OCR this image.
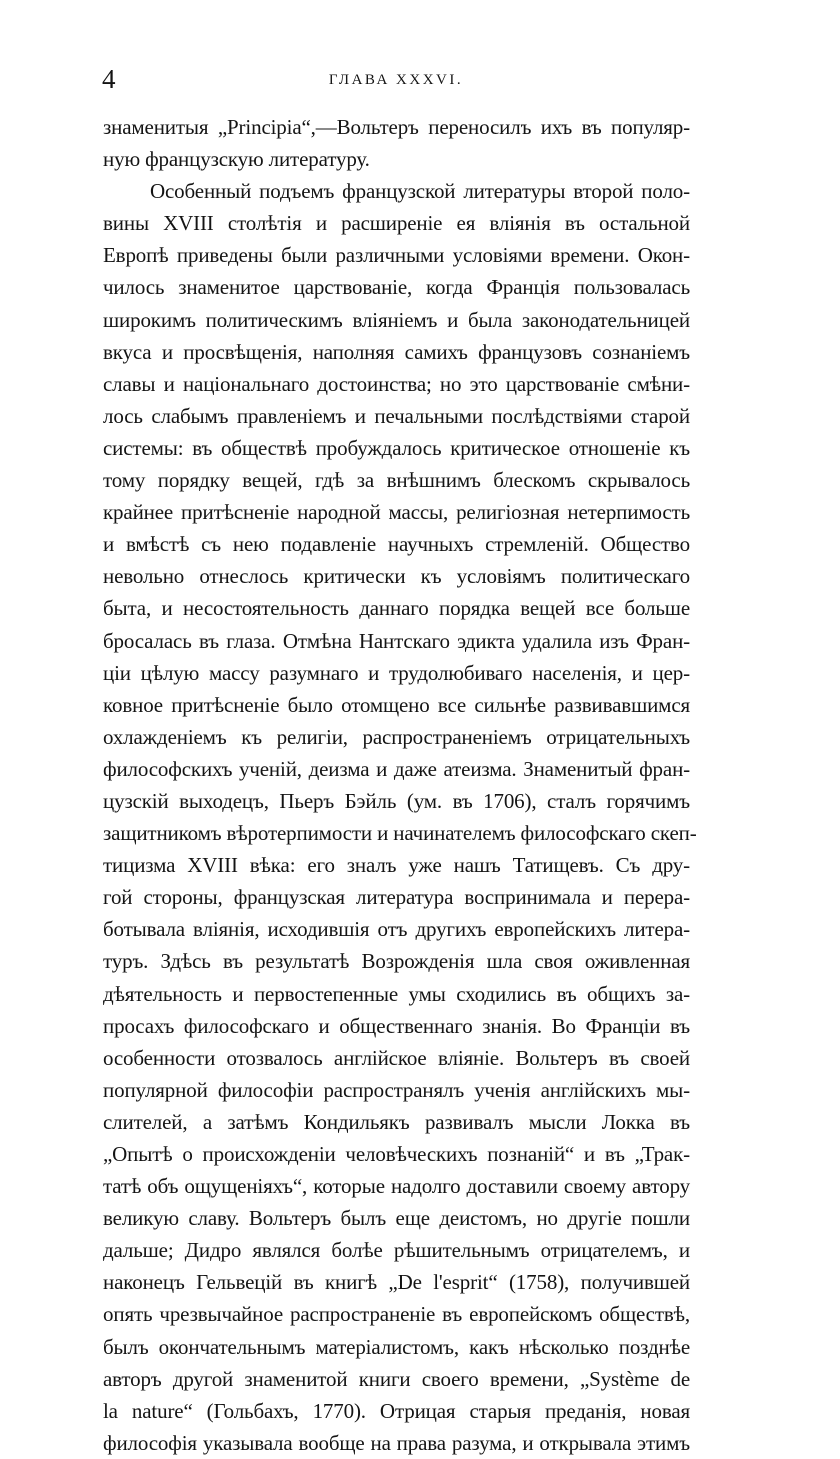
4	ГЛАВА XXXVI.
знаменитыя „Principia“,—Вольтеръ переносилъ ихъ въ популяр-
ную французскую литературу.
Особенный подъемъ французской литературы второй поло-
вины XVIII столѣтія и расширеніе ея вліянія въ остальной
Европѣ приведены были различными условіями времени. Окон-
чилось знаменитое царствованіе, когда Франція пользовалась
широкимъ политическимъ вліяніемъ и была законодательницей
вкуса и просвѣщенія, наполняя самихъ французовъ сознаніемъ
славы и національнаго достоинства; но это царствованіе смѣни-
лось слабымъ правленіемъ и печальными послѣдствіями старой
системы: въ обществѣ пробуждалось критическое отношеніе къ
тому порядку вещей, гдѣ за внѣшнимъ блескомъ скрывалось
крайнее притѣсненіе народной массы, религіозная нетерпимость
и вмѣстѣ съ нею подавленіе научныхъ стремленій. Общество
невольно отнеслось критически къ условіямъ политическаго
быта, и несостоятельность даннаго порядка вещей все больше
бросалась въ глаза. Отмѣна Нантскаго эдикта удалила изъ Фран-
ціи цѣлую массу разумнаго и трудолюбиваго населенія, и цер-
ковное притѣсненіе было отомщено все сильнѣе развивавшимся
охлажденіемъ къ религіи, распространеніемъ отрицательныхъ
философскихъ ученій, деизма и даже атеизма. Знаменитый фран-
цузскій выходецъ, Пьеръ Бэйль (ум. въ 1706), сталъ горячимъ
защитникомъ вѣротерпимости и начинателемъ философскаго скеп-
тицизма XVIII вѣка: его зналъ уже нашъ Татищевъ. Съ дру-
гой стороны, французская литература воспринимала и перера-
ботывала вліянія, исходившія отъ другихъ европейскихъ литера-
туръ. Здѣсь въ результатѣ Возрожденія шла своя оживленная
дѣятельность и первостепенные умы сходились въ общихъ за-
просахъ философскаго и общественнаго знанія. Во Франціи въ
особенности отозвалось англійское вліяніе. Вольтеръ въ своей
популярной философіи распространялъ ученія англійскихъ мы-
слителей, а затѣмъ Кондильякъ развивалъ мысли Локка въ
„Опытѣ о происхожденіи человѣческихъ познаній“ и въ „Трак-
татѣ объ ощущеніяхъ“, которые надолго доставили своему автору
великую славу. Вольтеръ былъ еще деистомъ, но другіе пошли
дальше; Дидро являлся болѣе рѣшительнымъ отрицателемъ, и
наконецъ Гельвецій въ книгѣ „De l'esprit“ (1758), получившей
опять чрезвычайное распространеніе въ европейскомъ обществѣ,
былъ окончательнымъ матеріалистомъ, какъ нѣсколько позднѣе
авторъ другой знаменитой книги своего времени, „Système de
la nature“ (Гольбахъ, 1770). Отрицая старыя преданія, новая
философія указывала вообще на права разума, и открывала этимъ
